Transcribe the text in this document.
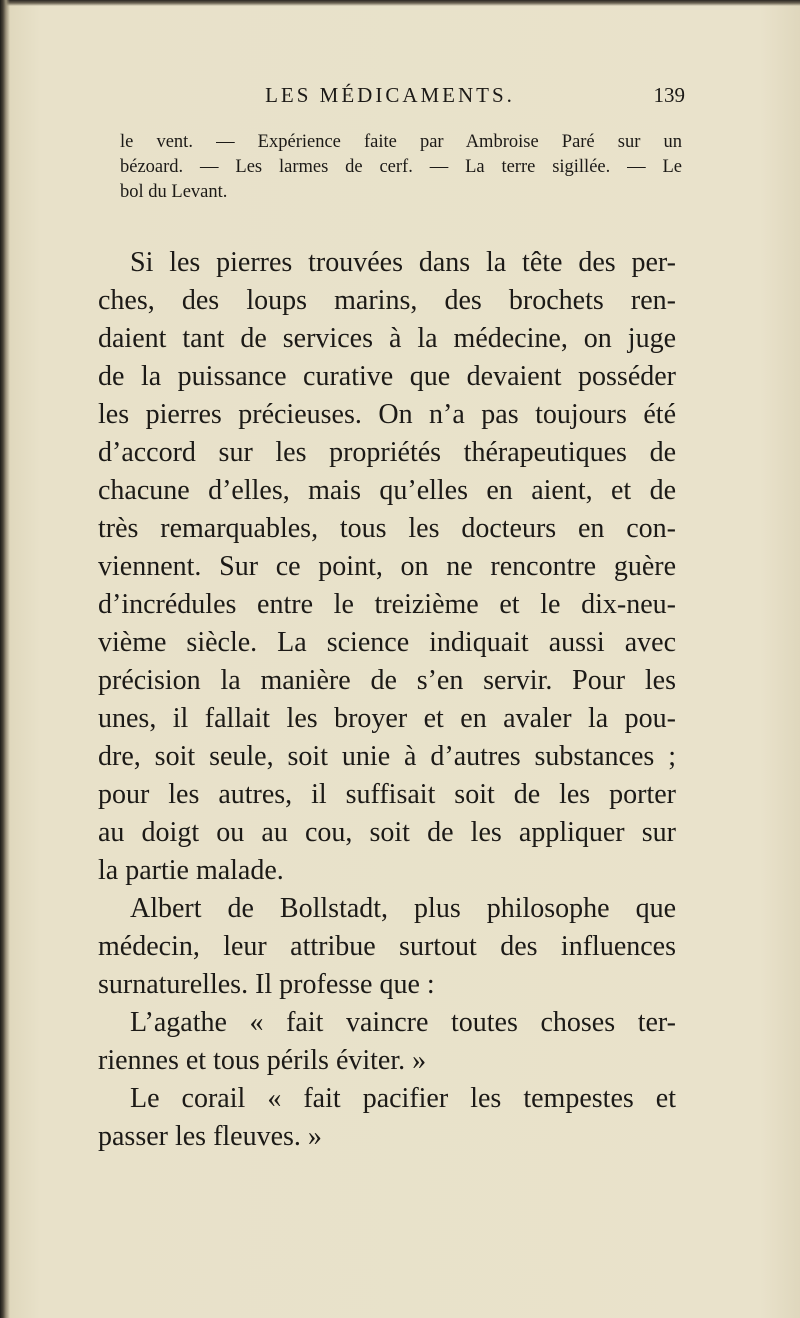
LES MÉDICAMENTS.	139
le vent. — Expérience faite par Ambroise Paré sur un
bézoard. — Les larmes de cerf. — La terre sigillée. — Le
bol du Levant.
Si les pierres trouvées dans la tête des per-
ches, des loups marins, des brochets ren-
daient tant de services à la médecine, on juge
de la puissance curative que devaient posséder
les pierres précieuses. On n’a pas toujours été
d’accord sur les propriétés thérapeutiques de
chacune d’elles, mais qu’elles en aient, et de
très remarquables, tous les docteurs en con-
viennent. Sur ce point, on ne rencontre guère
d’incrédules entre le treizième et le dix-neu-
vième siècle. La science indiquait aussi avec
précision la manière de s’en servir. Pour les
unes, il fallait les broyer et en avaler la pou-
dre, soit seule, soit unie à d’autres substances ;
pour les autres, il suffisait soit de les porter
au doigt ou au cou, soit de les appliquer sur
la partie malade.
Albert de Bollstadt, plus philosophe que
médecin, leur attribue surtout des influences
surnaturelles. Il professe que :
L’agathe « fait vaincre toutes choses ter-
riennes et tous périls éviter. »
Le corail « fait pacifier les tempestes et
passer les fleuves. »
